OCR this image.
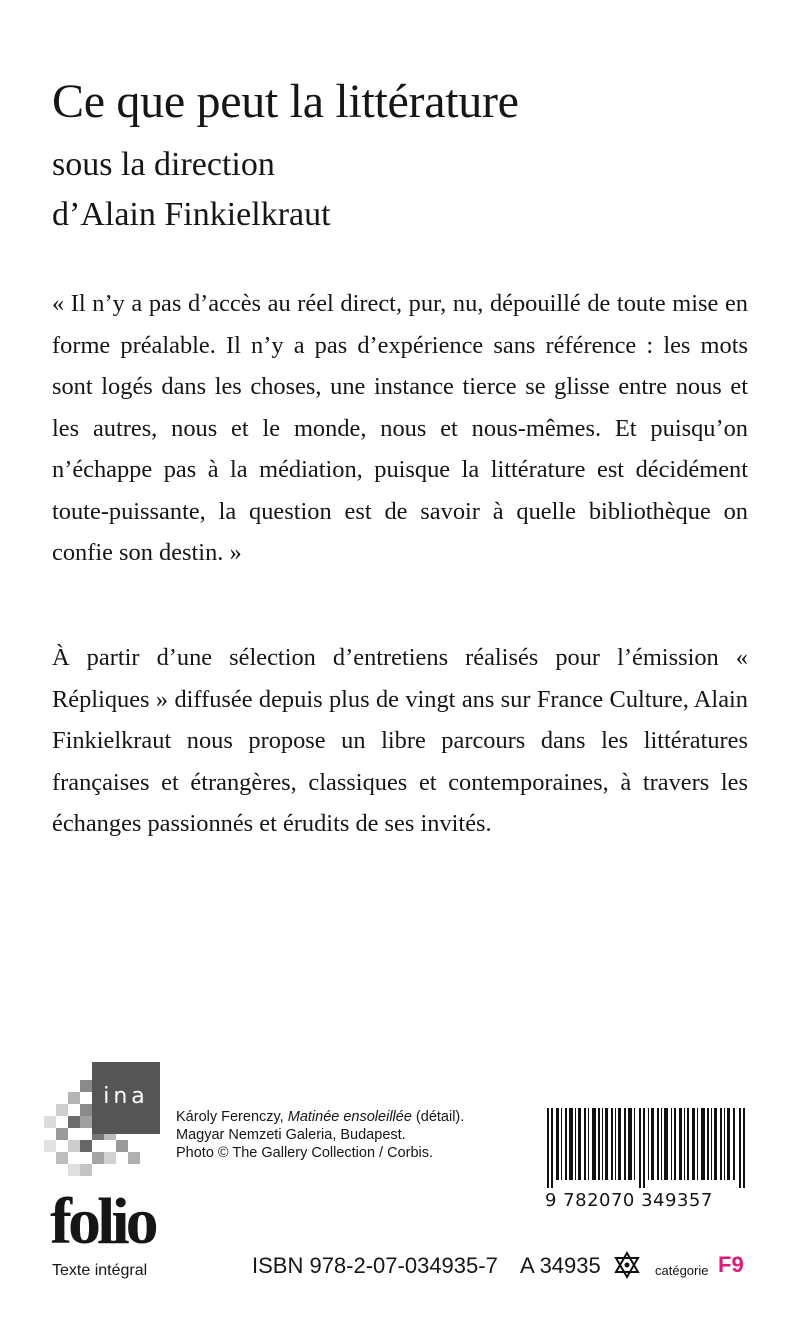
Ce que peut la littérature
sous la direction
d’Alain Finkielkraut

« Il n’y a pas d’accès au réel direct, pur, nu, dépouillé de toute mise en forme préalable. Il n’y a pas d’expérience sans référence : les mots sont logés dans les choses, une instance tierce se glisse entre nous et les autres, nous et le monde, nous et nous-mêmes. Et puisqu’on n’échappe pas à la médiation, puisque la littérature est décidément toute-puissante, la question est de savoir à quelle bibliothèque on confie son destin. »

À partir d’une sélection d’entretiens réalisés pour l’émission « Répliques » diffusée depuis plus de vingt ans sur France Culture, Alain Finkielkraut nous propose un libre parcours dans les littératures françaises et étrangères, classiques et contemporaines, à travers les échanges passionnés et érudits de ses invités.

ina
Károly Ferenczy, Matinée ensoleillée (détail).
Magyar Nemzeti Galeria, Budapest.
Photo © The Gallery Collection / Corbis.
9 782070 349357
folio
Texte intégral	ISBN 978-2-07-034935-7 A 34935	catégorie F9
